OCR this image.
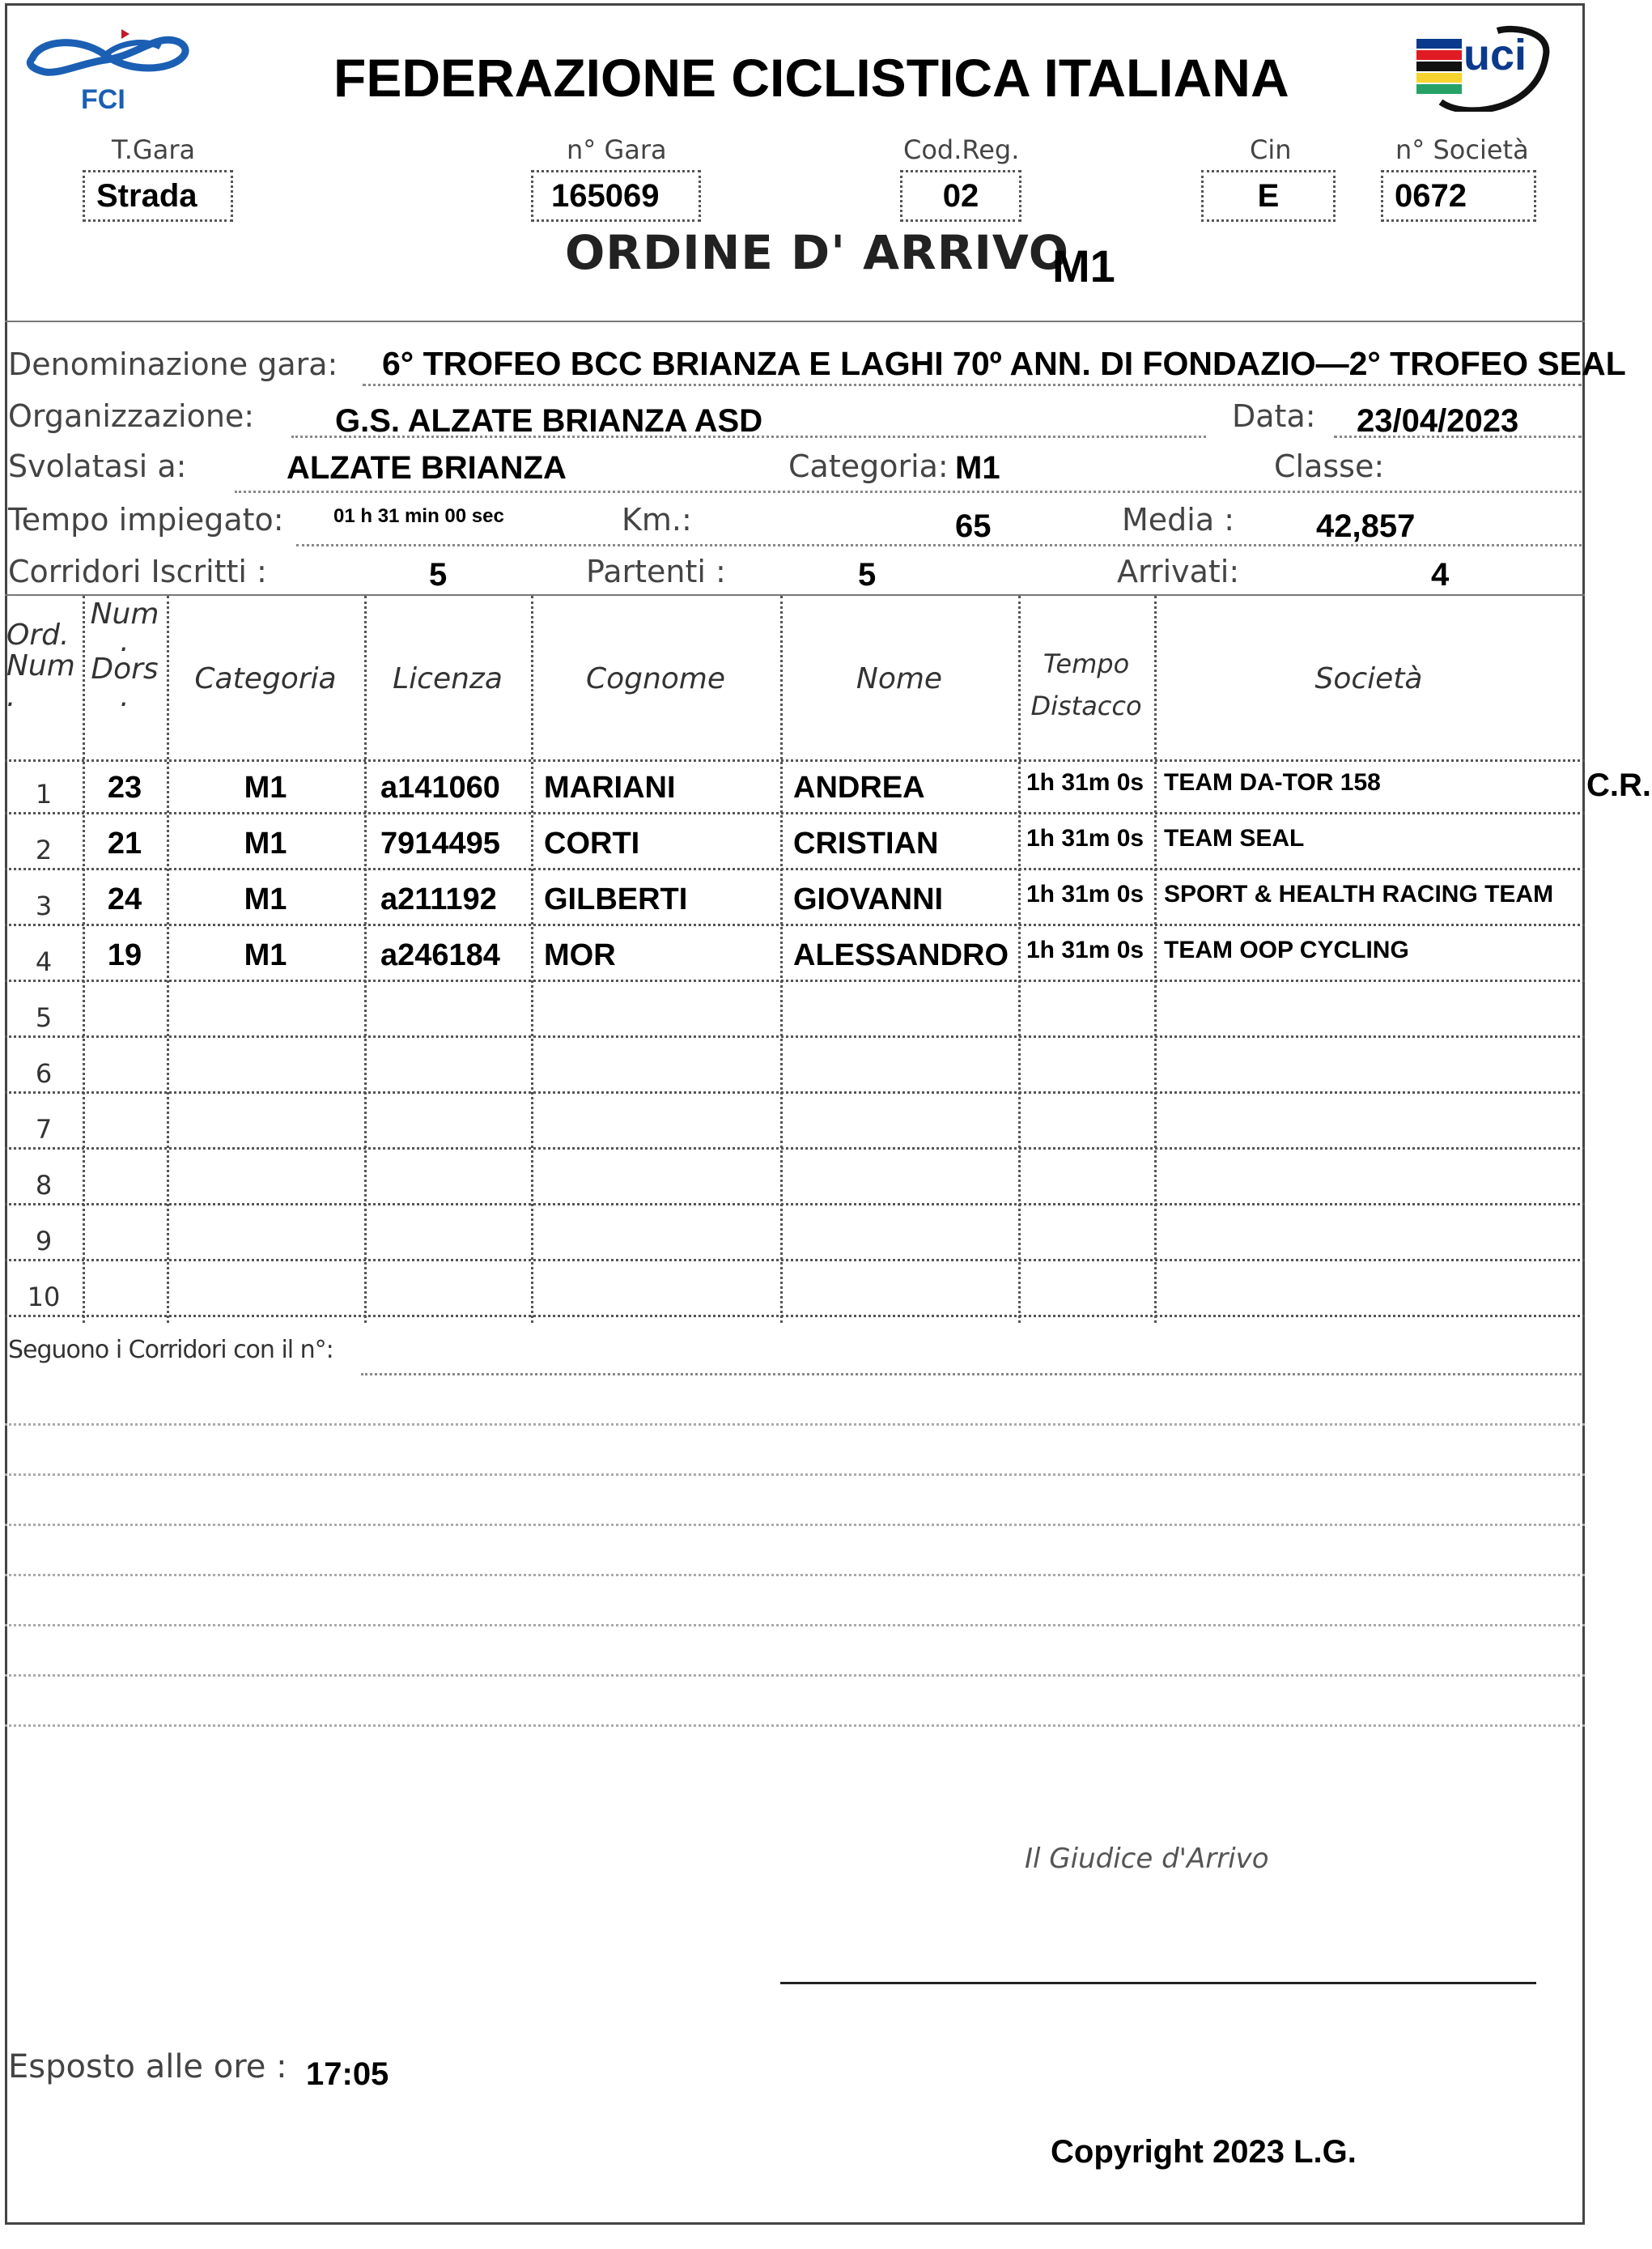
FCI
uci
FEDERAZIONE CICLISTICA ITALIANA
T.Gara
Strada
n° Gara
165069
Cod.Reg.
02
Cin
E
n° Società
0672
ORDINE D' ARRIVO
M1
Denominazione gara: 6° TROFEO BCC BRIANZA E LAGHI 70º ANN. DI FONDAZIO—2° TROFEO SEAL
Organizzazione: G.S. ALZATE BRIANZA ASD	Data: 23/04/2023
Svolatasi a:	ALZATE BRIANZA	Categoria: M1	Classe:
Tempo impiegato:	01 h 31 min 00 sec	Km.:	65	Media :	42,857
Corridori Iscritti :	5	Partenti :	5	Arrivati:	4
Ord.
Num
.
Num
.
Dors
.
Categoria	Licenza	Cognome	Nome	Tempo
Distacco
Società
1	23	M1	a141060	MARIANI	ANDREA	1h 31m 0s TEAM DA-TOR 158
2	21	M1	7914495	CORTI	CRISTIAN	1h 31m 0s TEAM SEAL
3	24	M1	a211192	GILBERTI	GIOVANNI	1h 31m 0s SPORT & HEALTH RACING TEAM
4	19	M1	a246184	MOR	ALESSANDRO 1h 31m 0s TEAM OOP CYCLING
5
6
7
8
9
10
C.R.
Seguono i Corridori con il n°:
Il Giudice d'Arrivo
Esposto alle ore : 17:05
Copyright 2023 L.G.
